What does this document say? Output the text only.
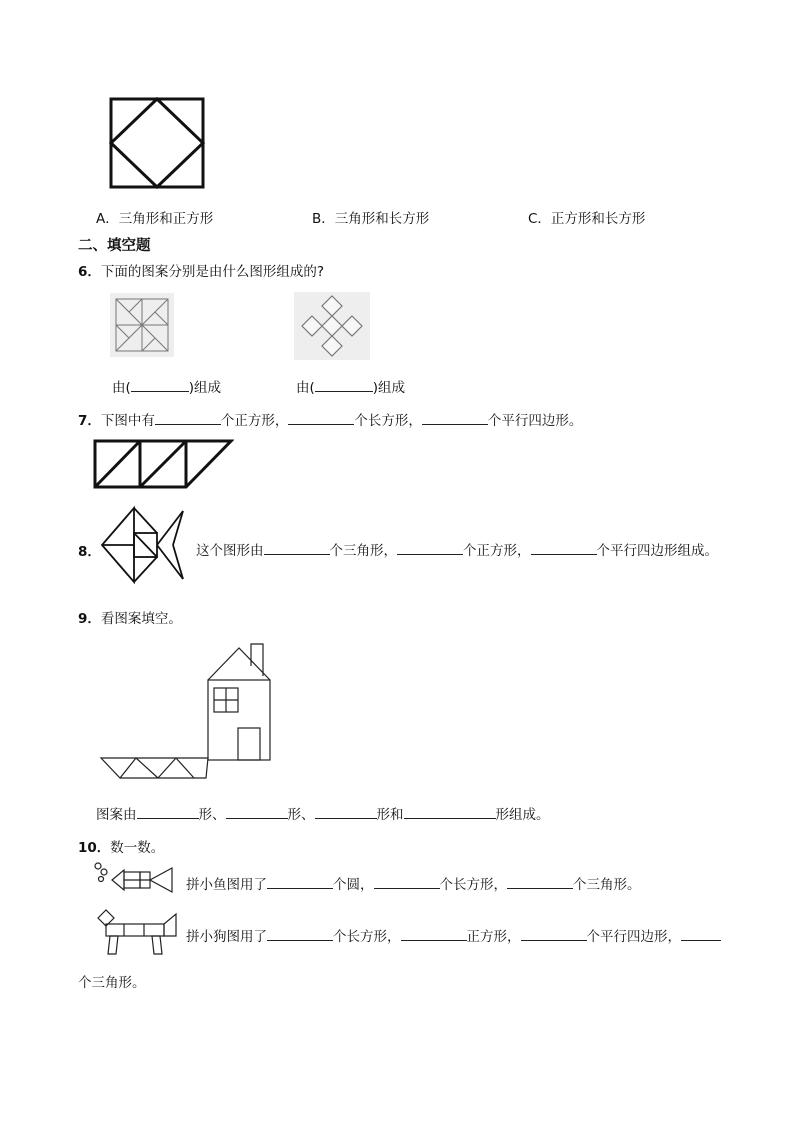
A．三角形和正方形	B．三角形和长方形	C．正方形和长方形
二、填空题
6．下面的图案分别是由什么图形组成的?
由(	)组成	由(	)组成
7．下图中有	个正方形，	个长方形，	个平行四边形。
8．	这个图形由	个三角形，	个正方形，	个平行四边形组成。
9．看图案填空。
图案由	形、	形、	形和	形组成。
10．数一数。
拼小鱼图用了	个圆，	个长方形，	个三角形。
拼小狗图用了	个长方形，	正方形，	个平行四边形，
个三角形。
